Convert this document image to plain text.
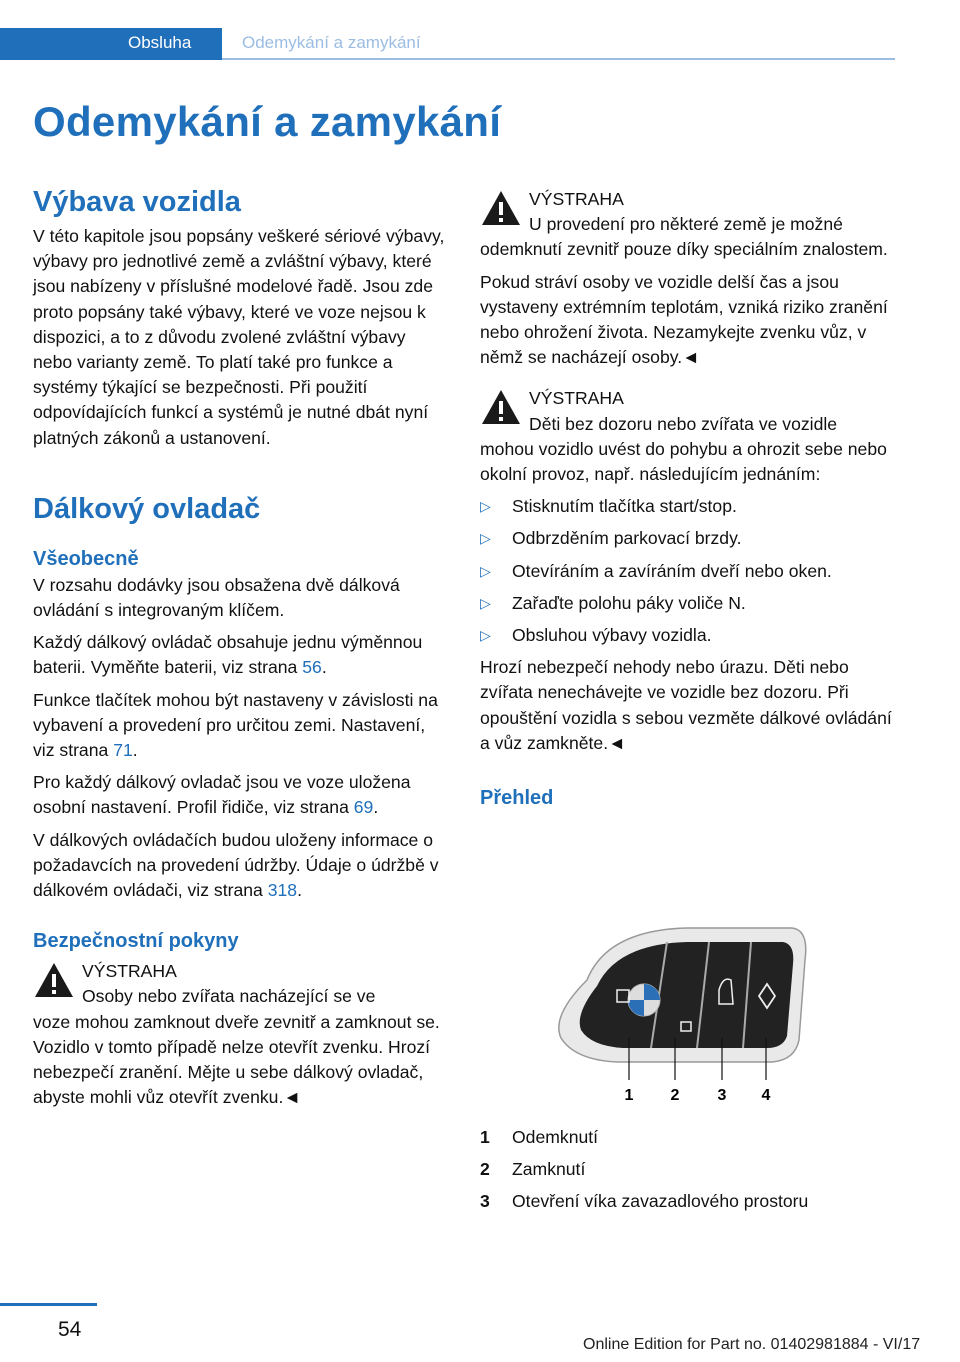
Obsluha	Odemykání a zamykání
Odemykání a zamykání
Výbava vozidla

V této kapitole jsou popsány veškeré sériové výbavy, výbavy pro jednotlivé země a zvláštní výbavy, které jsou nabízeny v příslušné modelové řadě. Jsou zde proto popsány také výbavy, které ve voze nejsou k dispozici, a to z důvodu zvolené zvláštní výbavy nebo varianty země. To platí také pro funkce a systémy týkající se bezpečnosti. Při použití odpovídajících funkcí a systémů je nutné dbát nyní platných zákonů a ustanovení.

Dálkový ovladač
Všeobecně

V rozsahu dodávky jsou obsažena dvě dálková ovládání s integrovaným klíčem.

Každý dálkový ovládač obsahuje jednu výměnnou baterii. Vyměňte baterii, viz strana 56.

Funkce tlačítek mohou být nastaveny v závislosti na vybavení a provedení pro určitou zemi. Nastavení, viz strana 71.

Pro každý dálkový ovladač jsou ve voze uložena osobní nastavení. Profil řidiče, viz strana 69.

V dálkových ovládačích budou uloženy informace o požadavcích na provedení údržby. Údaje o údržbě v dálkovém ovládači, viz strana 318.

Bezpečnostní pokyny
VÝSTRAHA
Osoby nebo zvířata nacházející se ve
voze mohou zamknout dveře zevnitř a zamknout se. Vozidlo v tomto případě nelze otevřít zvenku. Hrozí nebezpečí zranění. Mějte u sebe dálkový ovladač, abyste mohli vůz otevřít zvenku.◄
VÝSTRAHA
U provedení pro některé země je možné

odemknutí zevnitř pouze díky speciálním znalostem.

Pokud stráví osoby ve vozidle delší čas a jsou vystaveny extrémním teplotám, vzniká riziko zranění nebo ohrožení života. Nezamykejte zvenku vůz, v němž se nacházejí osoby.◄

VÝSTRAHA
Děti bez dozoru nebo zvířata ve vozidle

mohou vozidlo uvést do pohybu a ohrozit sebe nebo okolní provoz, např. následujícím jednáním:

▷ Stisknutím tlačítka start/stop.
▷ Odbrzděním parkovací brzdy.
▷ Otevíráním a zavíráním dveří nebo oken.
▷ Zařaďte polohu páky voliče N.
▷ Obsluhou výbavy vozidla.

Hrozí nebezpečí nehody nebo úrazu. Děti nebo zvířata nenechávejte ve vozidle bez dozoru. Při opouštění vozidla s sebou vezměte dálkové ovládání a vůz zamkněte.◄

Přehled
1 2 3 4
1 Odemknutí
2 Zamknutí
3 Otevření víka zavazadlového prostoru
54
Online Edition for Part no. 01402981884 - VI/17
